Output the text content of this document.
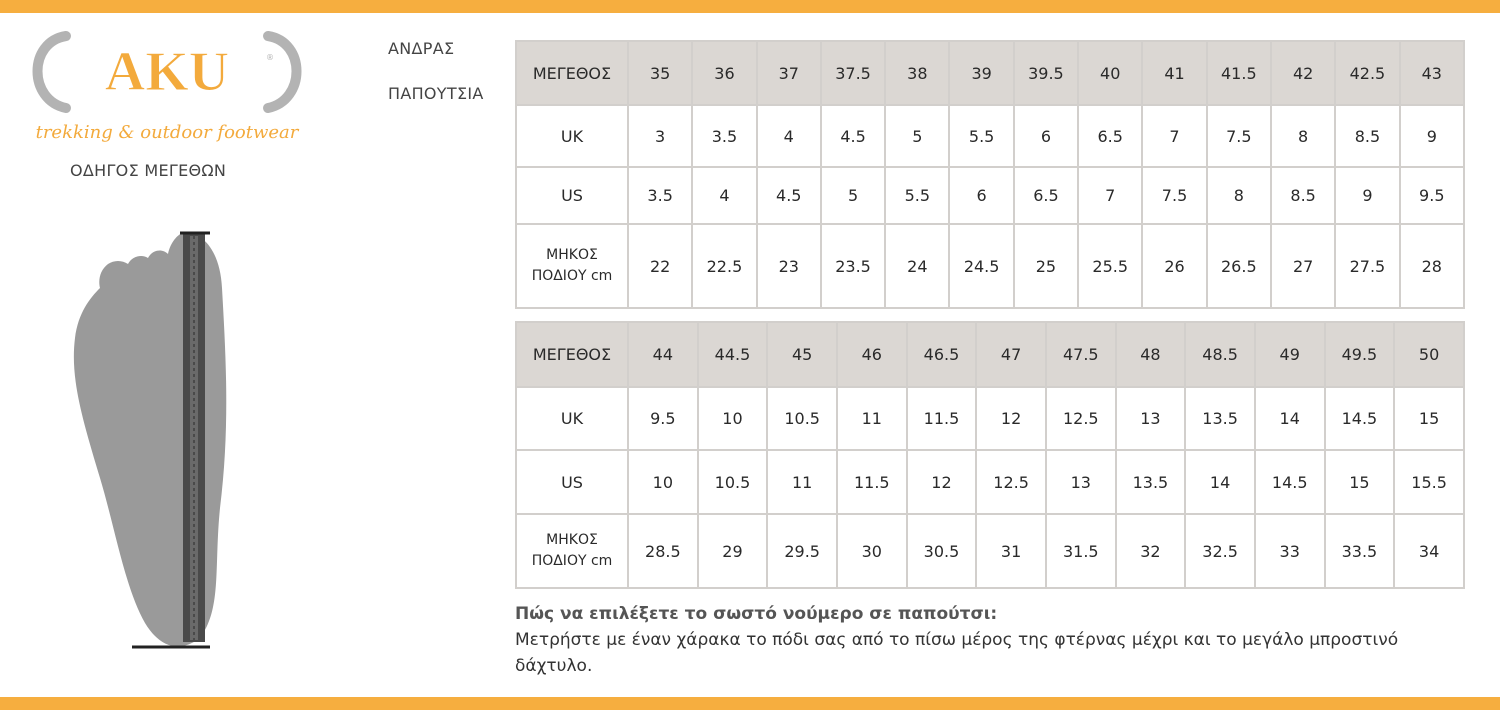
AKU	®
trekking & outdoor footwear
ΟΔΗΓΟΣ ΜΕΓΕΘΩΝ
ΑΝΔΡΑΣ
ΠΑΠΟΥΤΣΙΑ
ΜΕΓΕΘΟΣ	35	36	37	37.5	38	39	39.5	40	41	41.5	42	42.5	43
UK	3	3.5	4	4.5	5	5.5	6	6.5	7	7.5	8	8.5	9
US	3.5	4	4.5	5	5.5	6	6.5	7	7.5	8	8.5	9	9.5
ΜΗΚΟΣ
ΠΟΔΙΟΥ cm	22	22.5	23	23.5	24	24.5	25	25.5	26	26.5	27	27.5	28
ΜΕΓΕΘΟΣ	44	44.5	45	46	46.5	47	47.5	48	48.5	49	49.5	50
UK	9.5	10	10.5	11	11.5	12	12.5	13	13.5	14	14.5	15
US	10	10.5	11	11.5	12	12.5	13	13.5	14	14.5	15	15.5
ΜΗΚΟΣ
ΠΟΔΙΟΥ cm	28.5	29	29.5	30	30.5	31	31.5	32	32.5	33	33.5	34
Πώς να επιλέξετε το σωστό νούμερο σε παπούτσι:
Μετρήστε με έναν χάρακα το πόδι σας από το πίσω μέρος της φτέρνας μέχρι και το μεγάλο μπροστινό δάχτυλο.
